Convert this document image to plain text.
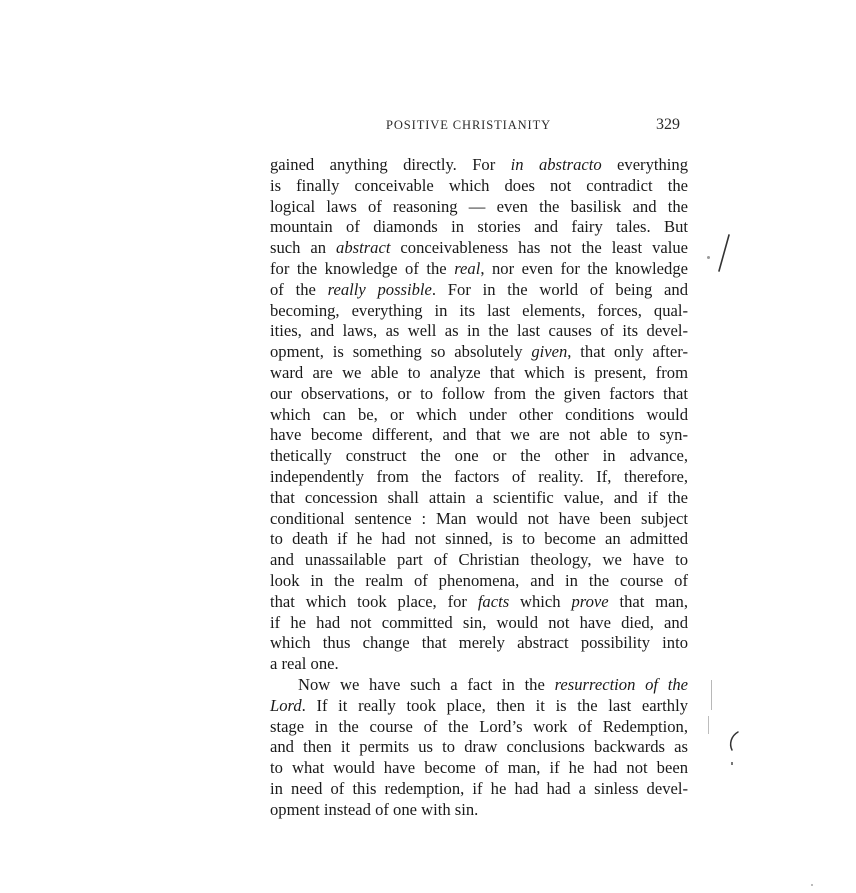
POSITIVE CHRISTIANITY	329
gained anything directly. For in abstracto everything
is finally conceivable which does not contradict the
logical laws of reasoning — even the basilisk and the
mountain of diamonds in stories and fairy tales. But
such an abstract conceivableness has not the least value
for the knowledge of the real, nor even for the knowledge
of the really possible. For in the world of being and
becoming, everything in its last elements, forces, qual-
ities, and laws, as well as in the last causes of its devel-
opment, is something so absolutely given, that only after-
ward are we able to analyze that which is present, from
our observations, or to follow from the given factors that
which can be, or which under other conditions would
have become different, and that we are not able to syn-
thetically construct the one or the other in advance,
independently from the factors of reality. If, therefore,
that concession shall attain a scientific value, and if the
conditional sentence : Man would not have been subject
to death if he had not sinned, is to become an admitted
and unassailable part of Christian theology, we have to
look in the realm of phenomena, and in the course of
that which took place, for facts which prove that man,
if he had not committed sin, would not have died, and
which thus change that merely abstract possibility into
a real one.
Now we have such a fact in the resurrection of the
Lord. If it really took place, then it is the last earthly
stage in the course of the Lord’s work of Redemption,
and then it permits us to draw conclusions backwards as
to what would have become of man, if he had not been
in need of this redemption, if he had had a sinless devel-
opment instead of one with sin.
